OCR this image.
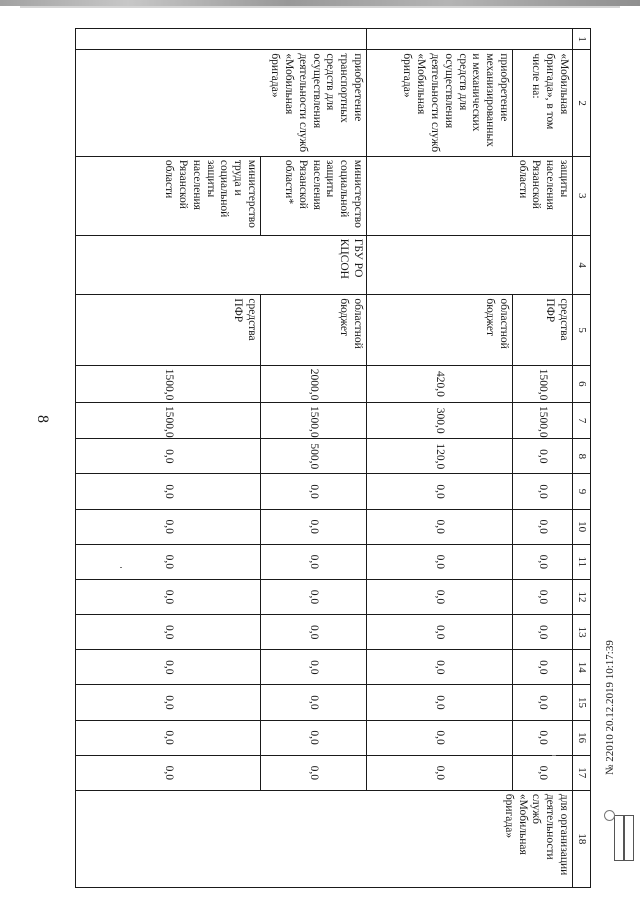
8
1	2	3	4	5	6	7	8	9	10	11	12	13	14	15	16	17	18
	«Мобильная бригада», в том числе на:	защиты населения Рязанской области		средства ПФР	1500,0	1500,0	0,0	0,0	0,0	0,0	0,0	0,0	0,0	0,0	0,0	0,0	для организации деятельности служб «Мобильная бригада»
	приобретение механизированных и механических средств для осуществления деятельности служб «Мобильная бригада»			областной бюджет	420,0	300,0	120,0	0,0	0,0	0,0	0,0	0,0	0,0	0,0	0,0	0,0	
	приобретение транспортных средств для осуществления деятельности служб «Мобильная бригада»	министерство социальной защиты населения Рязанской области*	ГБУ РО КЦСОН	областной бюджет	2000,0	1500,0	500,0	0,0	0,0	0,0	0,0	0,0	0,0	0,0	0,0	0,0	
		министерство труда и социальной защиты населения Рязанской области		средства ПФР	1500,0	1500,0	0,0	0,0	0,0	0,0	0,0	0,0	0,0	0,0	0,0	0,0		№ 22010 20.12.2019 10:17:39
